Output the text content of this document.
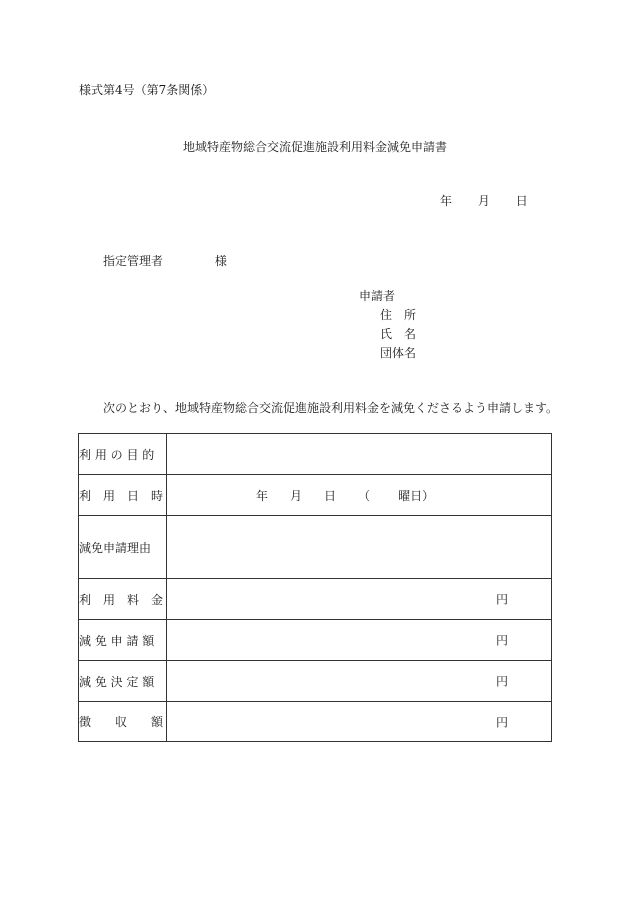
様式第4号（第7条関係）
地域特産物総合交流促進施設利用料金減免申請書
年 月 日
指定管理者	様
申請者
住　所
氏　名
団体名
次のとおり、地域特産物総合交流促進施設利用料金を減免くださるよう申請します。
利 用 の 目 的	
利　用　日　時	年 月 日 （ 曜日）

減免申請理由	
利　用　料　金	円

減 免 申 請 額	円

減 免 決 定 額	円

徴　　収　　額	円
